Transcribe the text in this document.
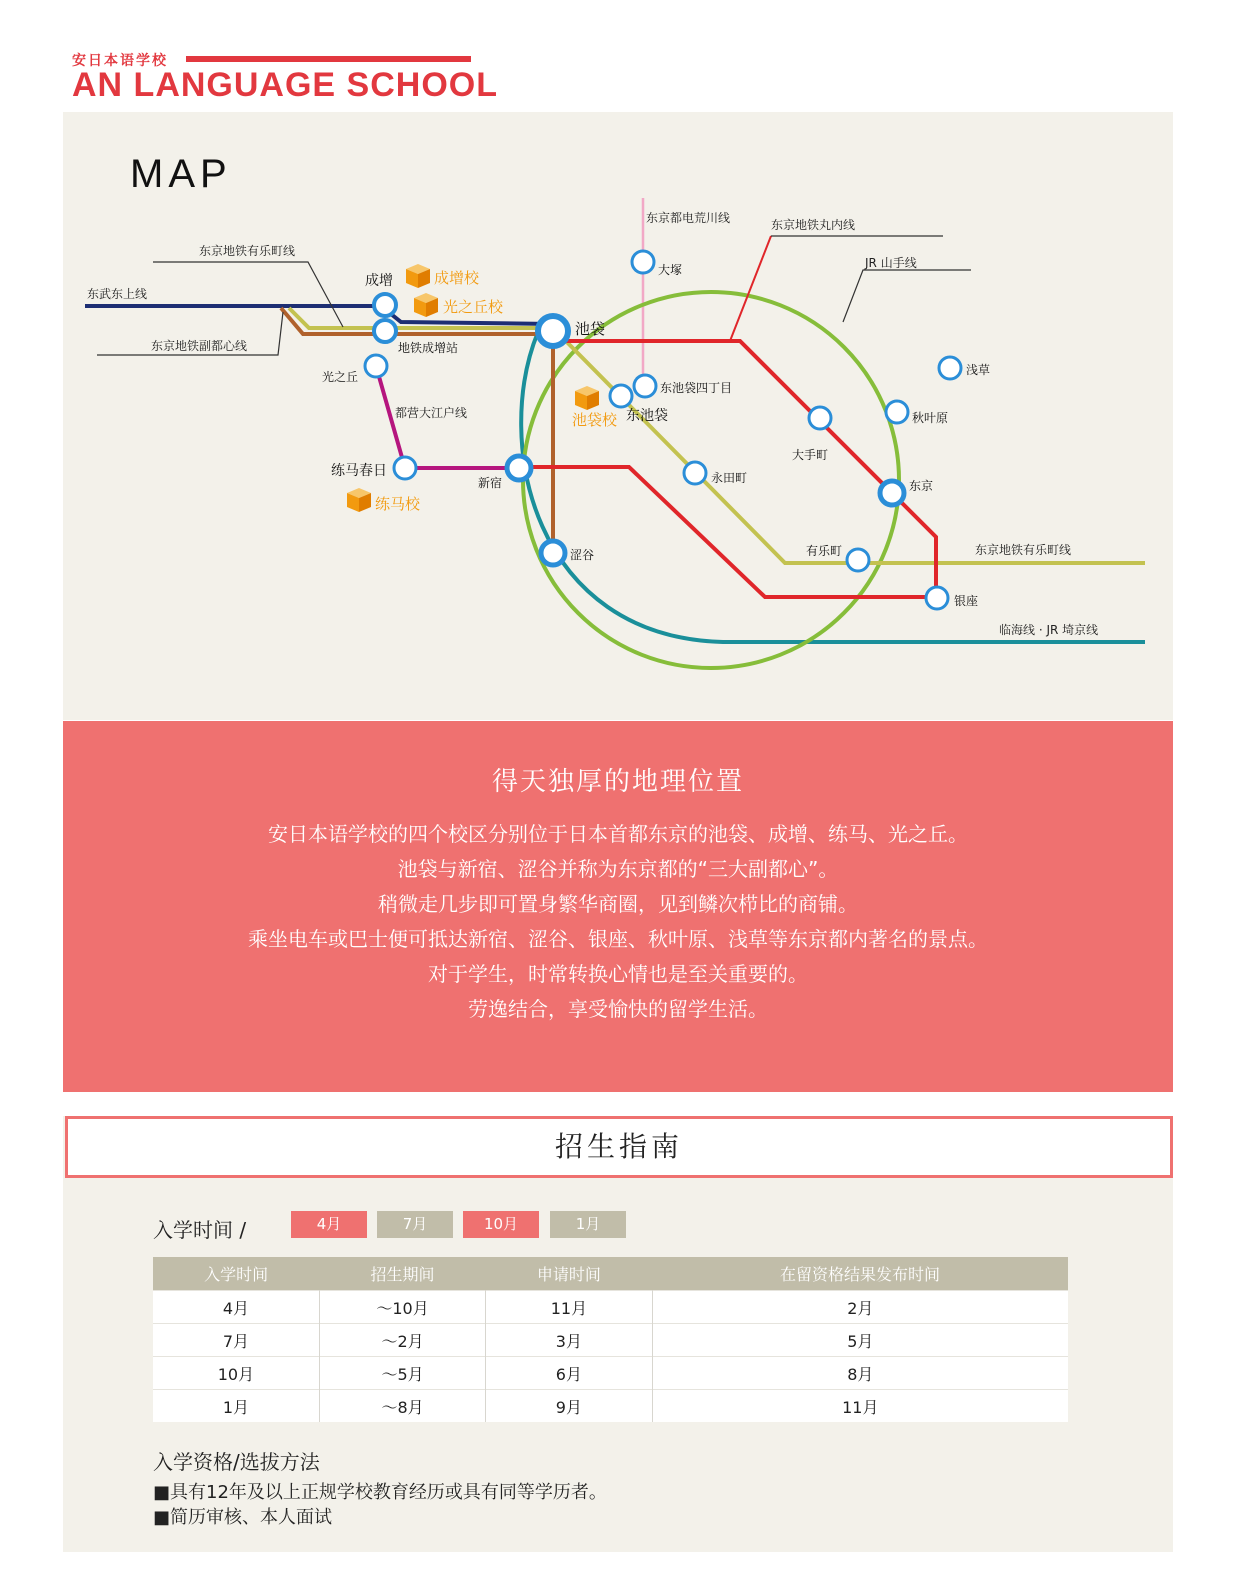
安日本语学校
AN LANGUAGE SCHOOL
MAP
东京地铁有乐町线
东武东上线
东京地铁副都心线
东京都电荒川线	东京地铁丸内线
JR 山手线
都营大江户线
东京地铁有乐町线
临海线 · JR 埼京线
成增
地铁成增站
光之丘
练马春日
池袋
大塚
东池袋四丁目
东池袋
新宿
涩谷
永田町
大手町
秋叶原
浅草
东京
有乐町
银座
成增校
光之丘校
池袋校
练马校
得天独厚的地理位置
安日本语学校的四个校区分别位于日本首都东京的池袋、成增、练马、光之丘。
池袋与新宿、涩谷并称为东京都的“三大副都心”。
稍微走几步即可置身繁华商圈，见到鳞次栉比的商铺。
乘坐电车或巴士便可抵达新宿、涩谷、银座、秋叶原、浅草等东京都内著名的景点。
对于学生，时常转换心情也是至关重要的。
劳逸结合，享受愉快的留学生活。
招生指南
入学时间 /	4月	7月	10月	1月
入学时间	招生期间	申请时间	在留资格结果发布时间
4月	～10月	11月	2月
7月	～2月	3月	5月
10月	～5月	6月	8月
1月	～8月	9月	11月
入学资格/选拔方法
■具有12年及以上正规学校教育经历或具有同等学历者。
■简历审核、本人面试
